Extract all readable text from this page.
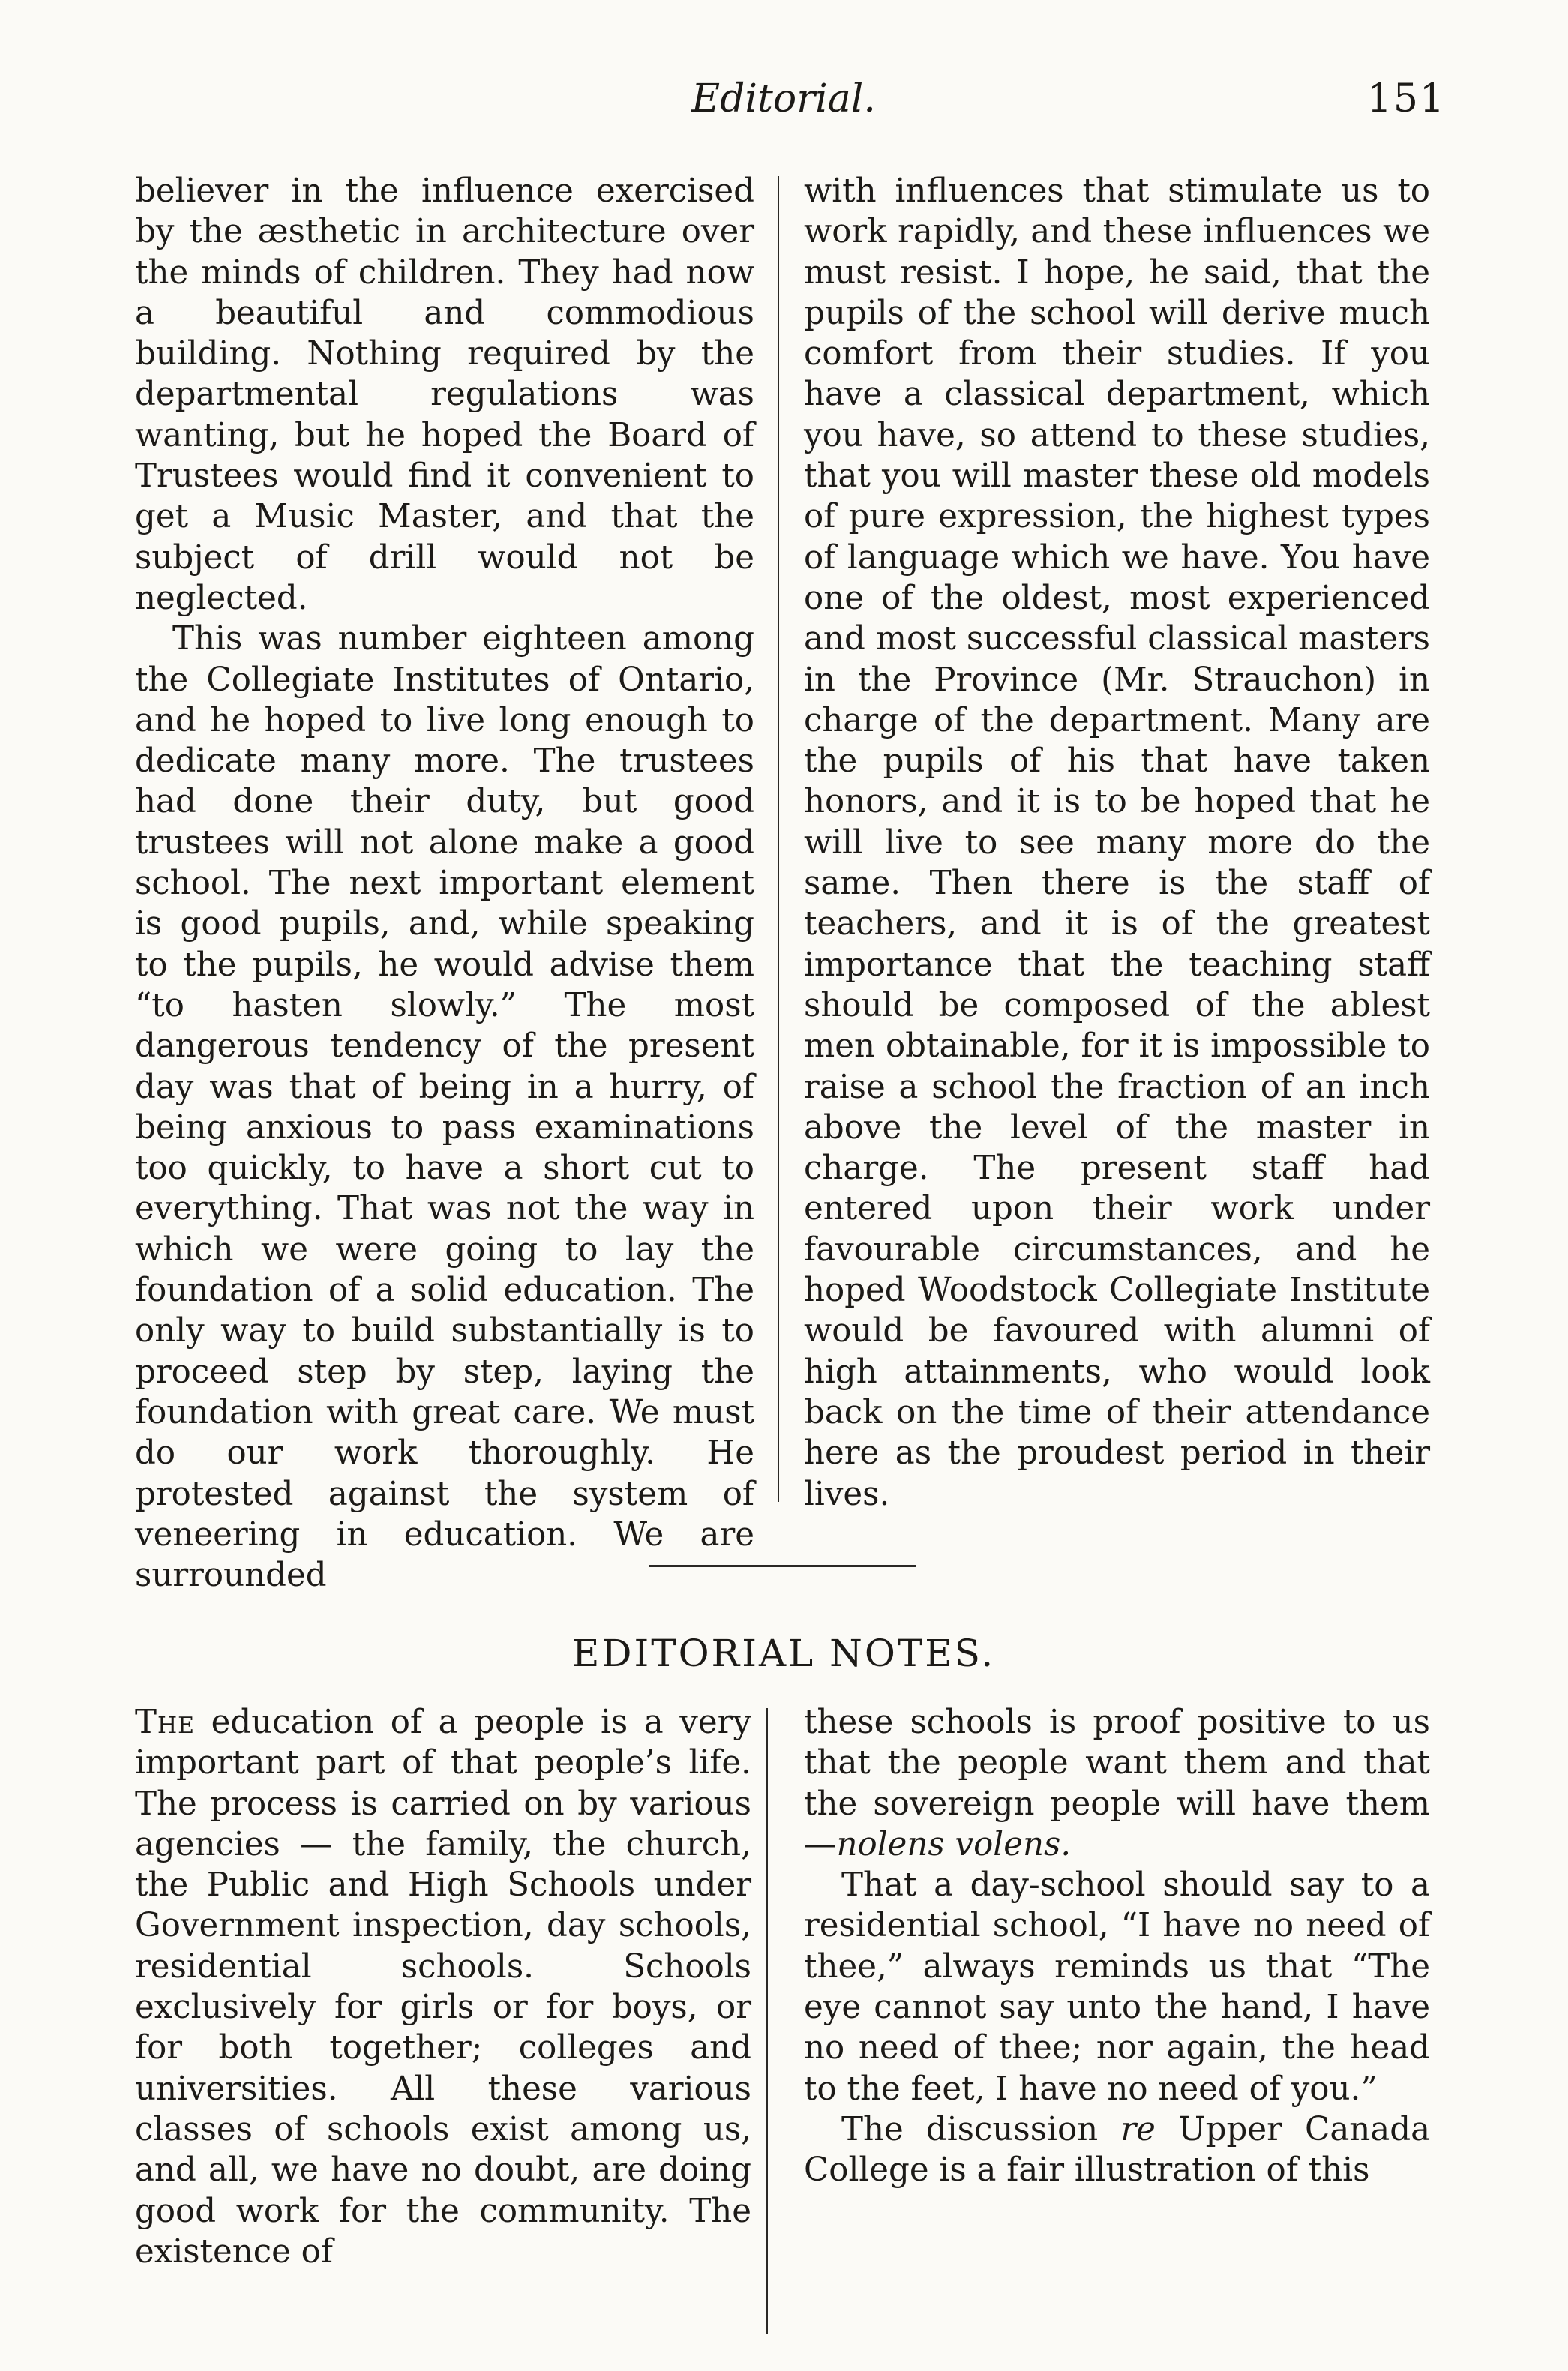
Editorial.	151

believer in the influence exercised by the æsthetic in architecture over the minds of children. They had now a beautiful and commodious building. Nothing required by the departmental regulations was wanting, but he hoped the Board of Trustees would find it convenient to get a Music Master, and that the subject of drill would not be neglected.

This was number eighteen among the Collegiate Institutes of Ontario, and he hoped to live long enough to dedicate many more. The trustees had done their duty, but good trustees will not alone make a good school. The next important element is good pupils, and, while speaking to the pupils, he would advise them “to hasten slowly.” The most dangerous tendency of the present day was that of being in a hurry, of being anxious to pass examinations too quickly, to have a short cut to everything. That was not the way in which we were going to lay the foundation of a solid education. The only way to build substantially is to proceed step by step, laying the foundation with great care. We must do our work thoroughly. He protested against the system of veneering in education. We are surrounded

with influences that stimulate us to work rapidly, and these influences we must resist. I hope, he said, that the pupils of the school will derive much comfort from their studies. If you have a classical department, which you have, so attend to these studies, that you will master these old models of pure expression, the highest types of language which we have. You have one of the oldest, most experienced and most successful classical masters in the Province (Mr. Strauchon) in charge of the department. Many are the pupils of his that have taken honors, and it is to be hoped that he will live to see many more do the same. Then there is the staff of teachers, and it is of the greatest importance that the teaching staff should be composed of the ablest men obtainable, for it is impossible to raise a school the fraction of an inch above the level of the master in charge. The present staff had entered upon their work under favourable circumstances, and he hoped Woodstock Collegiate Institute would be favoured with alumni of high attainments, who would look back on the time of their attendance here as the proudest period in their lives.

EDITORIAL NOTES.

The education of a people is a very important part of that people’s life. The process is carried on by various agencies — the family, the church, the Public and High Schools under Government inspection, day schools, residential schools. Schools exclusively for girls or for boys, or for both together; colleges and universities. All these various classes of schools exist among us, and all, we have no doubt, are doing good work for the community. The existence of

these schools is proof positive to us that the people want them and that the sovereign people will have them —nolens volens.

That a day-school should say to a residential school, “I have no need of thee,” always reminds us that “The eye cannot say unto the hand, I have no need of thee; nor again, the head to the feet, I have no need of you.”

The discussion re Upper Canada College is a fair illustration of this
